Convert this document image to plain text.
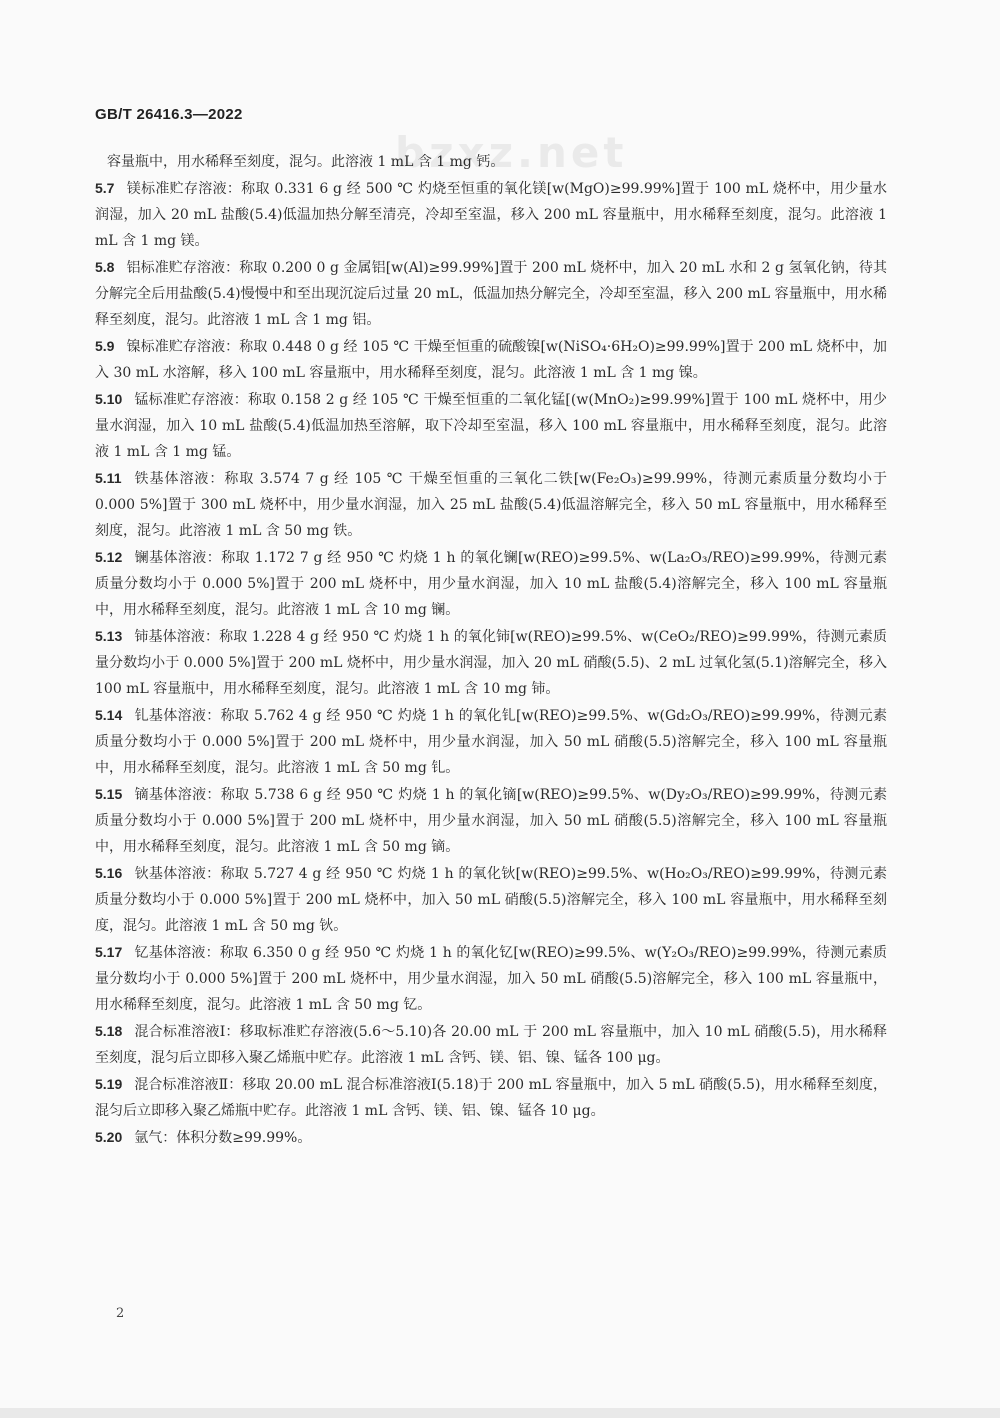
bzxz.net
GB/T 26416.3—2022

容量瓶中，用水稀释至刻度，混匀。此溶液 1 mL 含 1 mg 钙。

5.7 镁标准贮存溶液：称取 0.331 6 g 经 500 ℃ 灼烧至恒重的氧化镁[w(MgO)≥99.99%]置于 100 mL 烧杯中，用少量水润湿，加入 20 mL 盐酸(5.4)低温加热分解至清亮，冷却至室温，移入 200 mL 容量瓶中，用水稀释至刻度，混匀。此溶液 1 mL 含 1 mg 镁。

5.8 铝标准贮存溶液：称取 0.200 0 g 金属铝[w(Al)≥99.99%]置于 200 mL 烧杯中，加入 20 mL 水和 2 g 氢氧化钠，待其分解完全后用盐酸(5.4)慢慢中和至出现沉淀后过量 20 mL，低温加热分解完全，冷却至室温，移入 200 mL 容量瓶中，用水稀释至刻度，混匀。此溶液 1 mL 含 1 mg 铝。

5.9 镍标准贮存溶液：称取 0.448 0 g 经 105 ℃ 干燥至恒重的硫酸镍[w(NiSO₄·6H₂O)≥99.99%]置于 200 mL 烧杯中，加入 30 mL 水溶解，移入 100 mL 容量瓶中，用水稀释至刻度，混匀。此溶液 1 mL 含 1 mg 镍。

5.10 锰标准贮存溶液：称取 0.158 2 g 经 105 ℃ 干燥至恒重的二氧化锰[(w(MnO₂)≥99.99%]置于 100 mL 烧杯中，用少量水润湿，加入 10 mL 盐酸(5.4)低温加热至溶解，取下冷却至室温，移入 100 mL 容量瓶中，用水稀释至刻度，混匀。此溶液 1 mL 含 1 mg 锰。

5.11 铁基体溶液：称取 3.574 7 g 经 105 ℃ 干燥至恒重的三氧化二铁[w(Fe₂O₃)≥99.99%，待测元素质量分数均小于 0.000 5%]置于 300 mL 烧杯中，用少量水润湿，加入 25 mL 盐酸(5.4)低温溶解完全，移入 50 mL 容量瓶中，用水稀释至刻度，混匀。此溶液 1 mL 含 50 mg 铁。

5.12 镧基体溶液：称取 1.172 7 g 经 950 ℃ 灼烧 1 h 的氧化镧[w(REO)≥99.5%、w(La₂O₃/REO)≥99.99%，待测元素质量分数均小于 0.000 5%]置于 200 mL 烧杯中，用少量水润湿，加入 10 mL 盐酸(5.4)溶解完全，移入 100 mL 容量瓶中，用水稀释至刻度，混匀。此溶液 1 mL 含 10 mg 镧。

5.13 铈基体溶液：称取 1.228 4 g 经 950 ℃ 灼烧 1 h 的氧化铈[w(REO)≥99.5%、w(CeO₂/REO)≥99.99%，待测元素质量分数均小于 0.000 5%]置于 200 mL 烧杯中，用少量水润湿，加入 20 mL 硝酸(5.5)、2 mL 过氧化氢(5.1)溶解完全，移入 100 mL 容量瓶中，用水稀释至刻度，混匀。此溶液 1 mL 含 10 mg 铈。

5.14 钆基体溶液：称取 5.762 4 g 经 950 ℃ 灼烧 1 h 的氧化钆[w(REO)≥99.5%、w(Gd₂O₃/REO)≥99.99%，待测元素质量分数均小于 0.000 5%]置于 200 mL 烧杯中，用少量水润湿，加入 50 mL 硝酸(5.5)溶解完全，移入 100 mL 容量瓶中，用水稀释至刻度，混匀。此溶液 1 mL 含 50 mg 钆。

5.15 镝基体溶液：称取 5.738 6 g 经 950 ℃ 灼烧 1 h 的氧化镝[w(REO)≥99.5%、w(Dy₂O₃/REO)≥99.99%，待测元素质量分数均小于 0.000 5%]置于 200 mL 烧杯中，用少量水润湿，加入 50 mL 硝酸(5.5)溶解完全，移入 100 mL 容量瓶中，用水稀释至刻度，混匀。此溶液 1 mL 含 50 mg 镝。

5.16 钬基体溶液：称取 5.727 4 g 经 950 ℃ 灼烧 1 h 的氧化钬[w(REO)≥99.5%、w(Ho₂O₃/REO)≥99.99%，待测元素质量分数均小于 0.000 5%]置于 200 mL 烧杯中，加入 50 mL 硝酸(5.5)溶解完全，移入 100 mL 容量瓶中，用水稀释至刻度，混匀。此溶液 1 mL 含 50 mg 钬。

5.17 钇基体溶液：称取 6.350 0 g 经 950 ℃ 灼烧 1 h 的氧化钇[w(REO)≥99.5%、w(Y₂O₃/REO)≥99.99%，待测元素质量分数均小于 0.000 5%]置于 200 mL 烧杯中，用少量水润湿，加入 50 mL 硝酸(5.5)溶解完全，移入 100 mL 容量瓶中，用水稀释至刻度，混匀。此溶液 1 mL 含 50 mg 钇。

5.18 混合标准溶液Ⅰ：移取标准贮存溶液(5.6～5.10)各 20.00 mL 于 200 mL 容量瓶中，加入 10 mL 硝酸(5.5)，用水稀释至刻度，混匀后立即移入聚乙烯瓶中贮存。此溶液 1 mL 含钙、镁、铝、镍、锰各 100 μg。

5.19 混合标准溶液Ⅱ：移取 20.00 mL 混合标准溶液Ⅰ(5.18)于 200 mL 容量瓶中，加入 5 mL 硝酸(5.5)，用水稀释至刻度，混匀后立即移入聚乙烯瓶中贮存。此溶液 1 mL 含钙、镁、铝、镍、锰各 10 μg。

5.20 氩气：体积分数≥99.99%。

2
